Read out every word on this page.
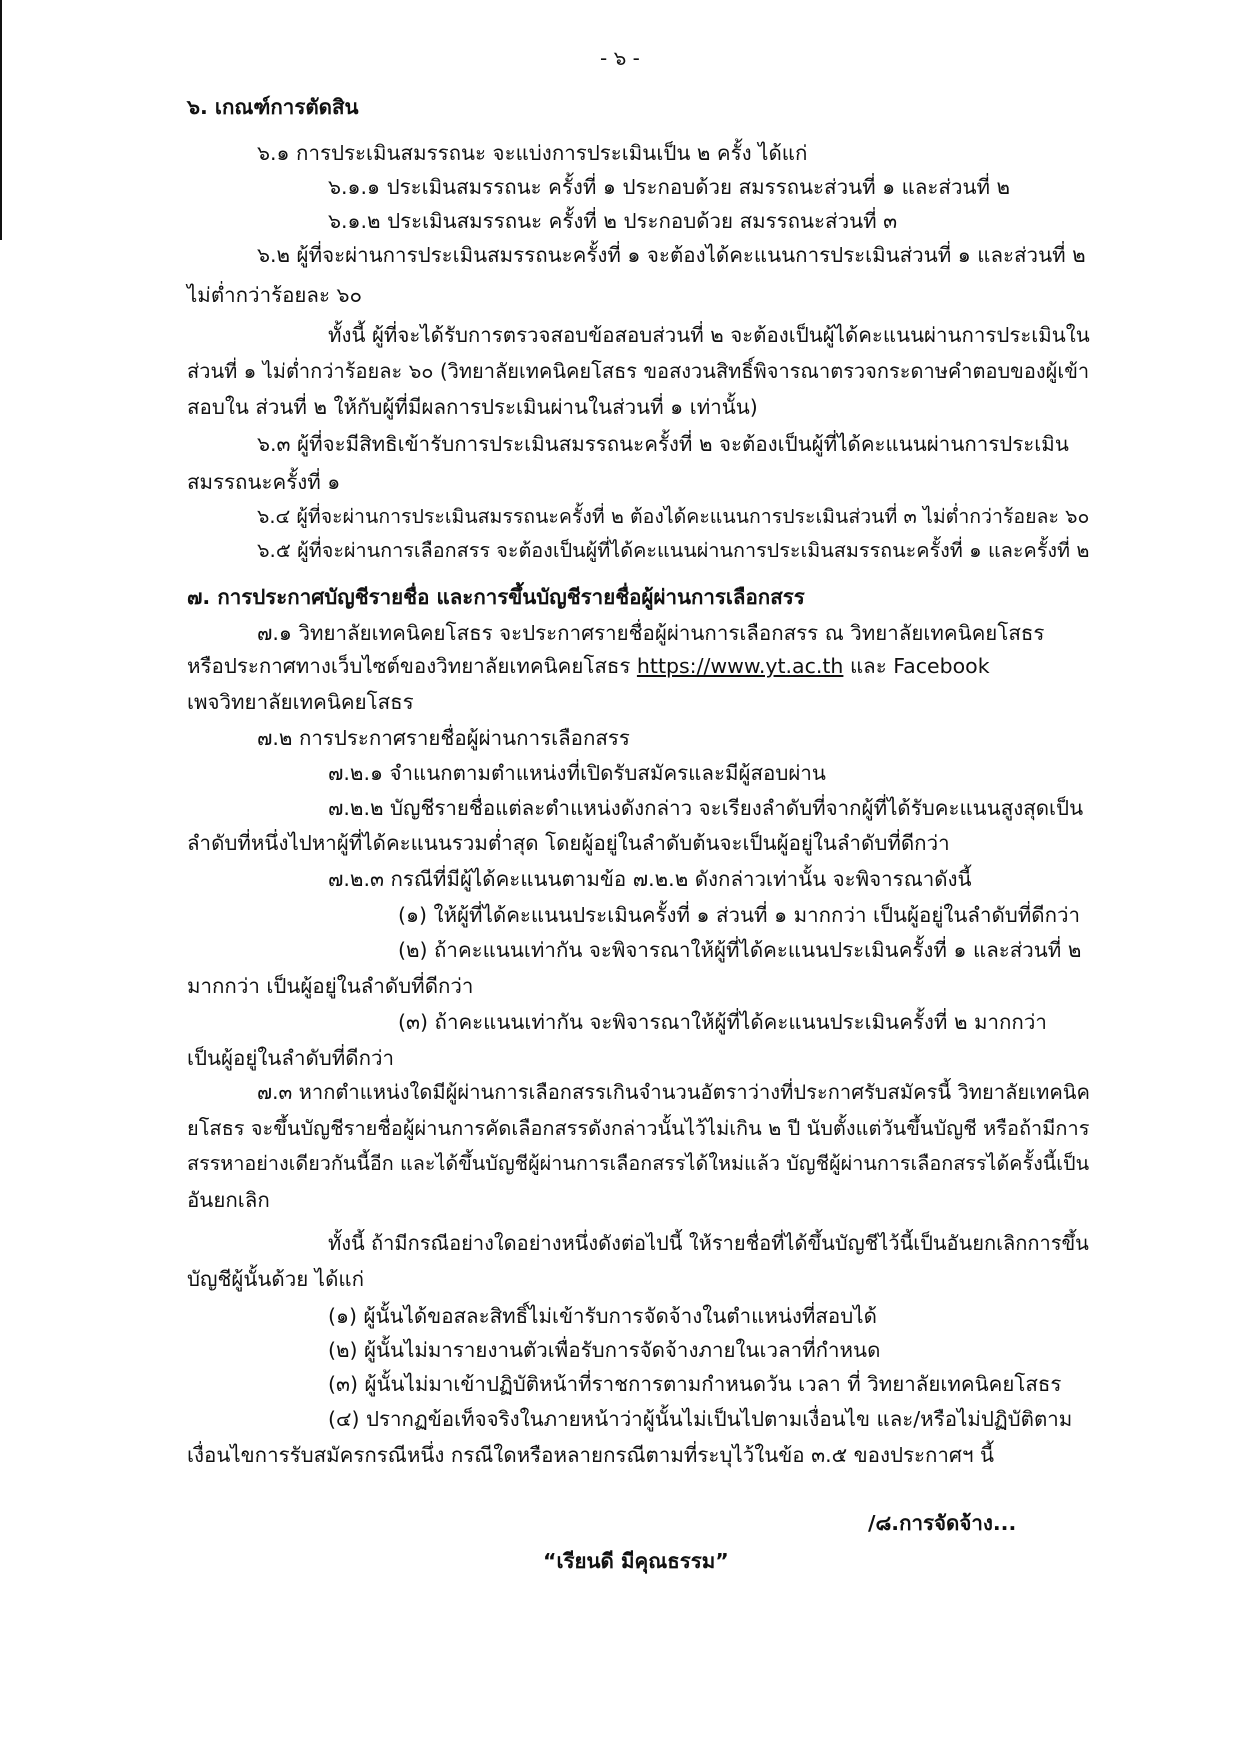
- ๖ -
๖. เกณฑ์การตัดสิน
๖.๑ การประเมินสมรรถนะ จะแบ่งการประเมินเป็น ๒ ครั้ง ได้แก่
๖.๑.๑ ประเมินสมรรถนะ ครั้งที่ ๑ ประกอบด้วย สมรรถนะส่วนที่ ๑ และส่วนที่ ๒
๖.๑.๒ ประเมินสมรรถนะ ครั้งที่ ๒ ประกอบด้วย สมรรถนะส่วนที่ ๓
๖.๒ ผู้ที่จะผ่านการประเมินสมรรถนะครั้งที่ ๑ จะต้องได้คะแนนการประเมินส่วนที่ ๑ และส่วนที่ ๒
ไม่ต่ำกว่าร้อยละ ๖๐
ทั้งนี้ ผู้ที่จะได้รับการตรวจสอบข้อสอบส่วนที่ ๒ จะต้องเป็นผู้ได้คะแนนผ่านการประเมินใน
ส่วนที่ ๑ ไม่ต่ำกว่าร้อยละ ๖๐ (วิทยาลัยเทคนิคยโสธร ขอสงวนสิทธิ์พิจารณาตรวจกระดาษคำตอบของผู้เข้า
สอบใน ส่วนที่ ๒ ให้กับผู้ที่มีผลการประเมินผ่านในส่วนที่ ๑ เท่านั้น)
๖.๓ ผู้ที่จะมีสิทธิเข้ารับการประเมินสมรรถนะครั้งที่ ๒ จะต้องเป็นผู้ที่ได้คะแนนผ่านการประเมิน
สมรรถนะครั้งที่ ๑
๖.๔ ผู้ที่จะผ่านการประเมินสมรรถนะครั้งที่ ๒ ต้องได้คะแนนการประเมินส่วนที่ ๓ ไม่ต่ำกว่าร้อยละ ๖๐
๖.๕ ผู้ที่จะผ่านการเลือกสรร จะต้องเป็นผู้ที่ได้คะแนนผ่านการประเมินสมรรถนะครั้งที่ ๑ และครั้งที่ ๒
๗. การประกาศบัญชีรายชื่อ และการขึ้นบัญชีรายชื่อผู้ผ่านการเลือกสรร
๗.๑ วิทยาลัยเทคนิคยโสธร จะประกาศรายชื่อผู้ผ่านการเลือกสรร ณ วิทยาลัยเทคนิคยโสธร
หรือประกาศทางเว็บไซต์ของวิทยาลัยเทคนิคยโสธร https://www.yt.ac.th และ Facebook
เพจวิทยาลัยเทคนิคยโสธร
๗.๒ การประกาศรายชื่อผู้ผ่านการเลือกสรร
๗.๒.๑ จำแนกตามตำแหน่งที่เปิดรับสมัครและมีผู้สอบผ่าน
๗.๒.๒ บัญชีรายชื่อแต่ละตำแหน่งดังกล่าว จะเรียงลำดับที่จากผู้ที่ได้รับคะแนนสูงสุดเป็น
ลำดับที่หนึ่งไปหาผู้ที่ได้คะแนนรวมต่ำสุด โดยผู้อยู่ในลำดับต้นจะเป็นผู้อยู่ในลำดับที่ดีกว่า
๗.๒.๓ กรณีที่มีผู้ได้คะแนนตามข้อ ๗.๒.๒ ดังกล่าวเท่านั้น จะพิจารณาดังนี้
(๑) ให้ผู้ที่ได้คะแนนประเมินครั้งที่ ๑ ส่วนที่ ๑ มากกว่า เป็นผู้อยู่ในลำดับที่ดีกว่า
(๒) ถ้าคะแนนเท่ากัน จะพิจารณาให้ผู้ที่ได้คะแนนประเมินครั้งที่ ๑ และส่วนที่ ๒
มากกว่า เป็นผู้อยู่ในลำดับที่ดีกว่า
(๓) ถ้าคะแนนเท่ากัน จะพิจารณาให้ผู้ที่ได้คะแนนประเมินครั้งที่ ๒ มากกว่า
เป็นผู้อยู่ในลำดับที่ดีกว่า
๗.๓ หากตำแหน่งใดมีผู้ผ่านการเลือกสรรเกินจำนวนอัตราว่างที่ประกาศรับสมัครนี้ วิทยาลัยเทคนิค
ยโสธร จะขึ้นบัญชีรายชื่อผู้ผ่านการคัดเลือกสรรดังกล่าวนั้นไว้ไม่เกิน ๒ ปี นับตั้งแต่วันขึ้นบัญชี หรือถ้ามีการ
สรรหาอย่างเดียวกันนี้อีก และได้ขึ้นบัญชีผู้ผ่านการเลือกสรรได้ใหม่แล้ว บัญชีผู้ผ่านการเลือกสรรได้ครั้งนี้เป็น
อันยกเลิก
ทั้งนี้ ถ้ามีกรณีอย่างใดอย่างหนึ่งดังต่อไปนี้ ให้รายชื่อที่ได้ขึ้นบัญชีไว้นี้เป็นอันยกเลิกการขึ้น
บัญชีผู้นั้นด้วย ได้แก่
(๑) ผู้นั้นได้ขอสละสิทธิ์ไม่เข้ารับการจัดจ้างในตำแหน่งที่สอบได้
(๒) ผู้นั้นไม่มารายงานตัวเพื่อรับการจัดจ้างภายในเวลาที่กำหนด
(๓) ผู้นั้นไม่มาเข้าปฏิบัติหน้าที่ราชการตามกำหนดวัน เวลา ที่ วิทยาลัยเทคนิคยโสธร
(๔) ปรากฏข้อเท็จจริงในภายหน้าว่าผู้นั้นไม่เป็นไปตามเงื่อนไข และ/หรือไม่ปฏิบัติตาม
เงื่อนไขการรับสมัครกรณีหนึ่ง กรณีใดหรือหลายกรณีตามที่ระบุไว้ในข้อ ๓.๕ ของประกาศฯ นี้
/๘.การจัดจ้าง...
“เรียนดี มีคุณธรรม”
